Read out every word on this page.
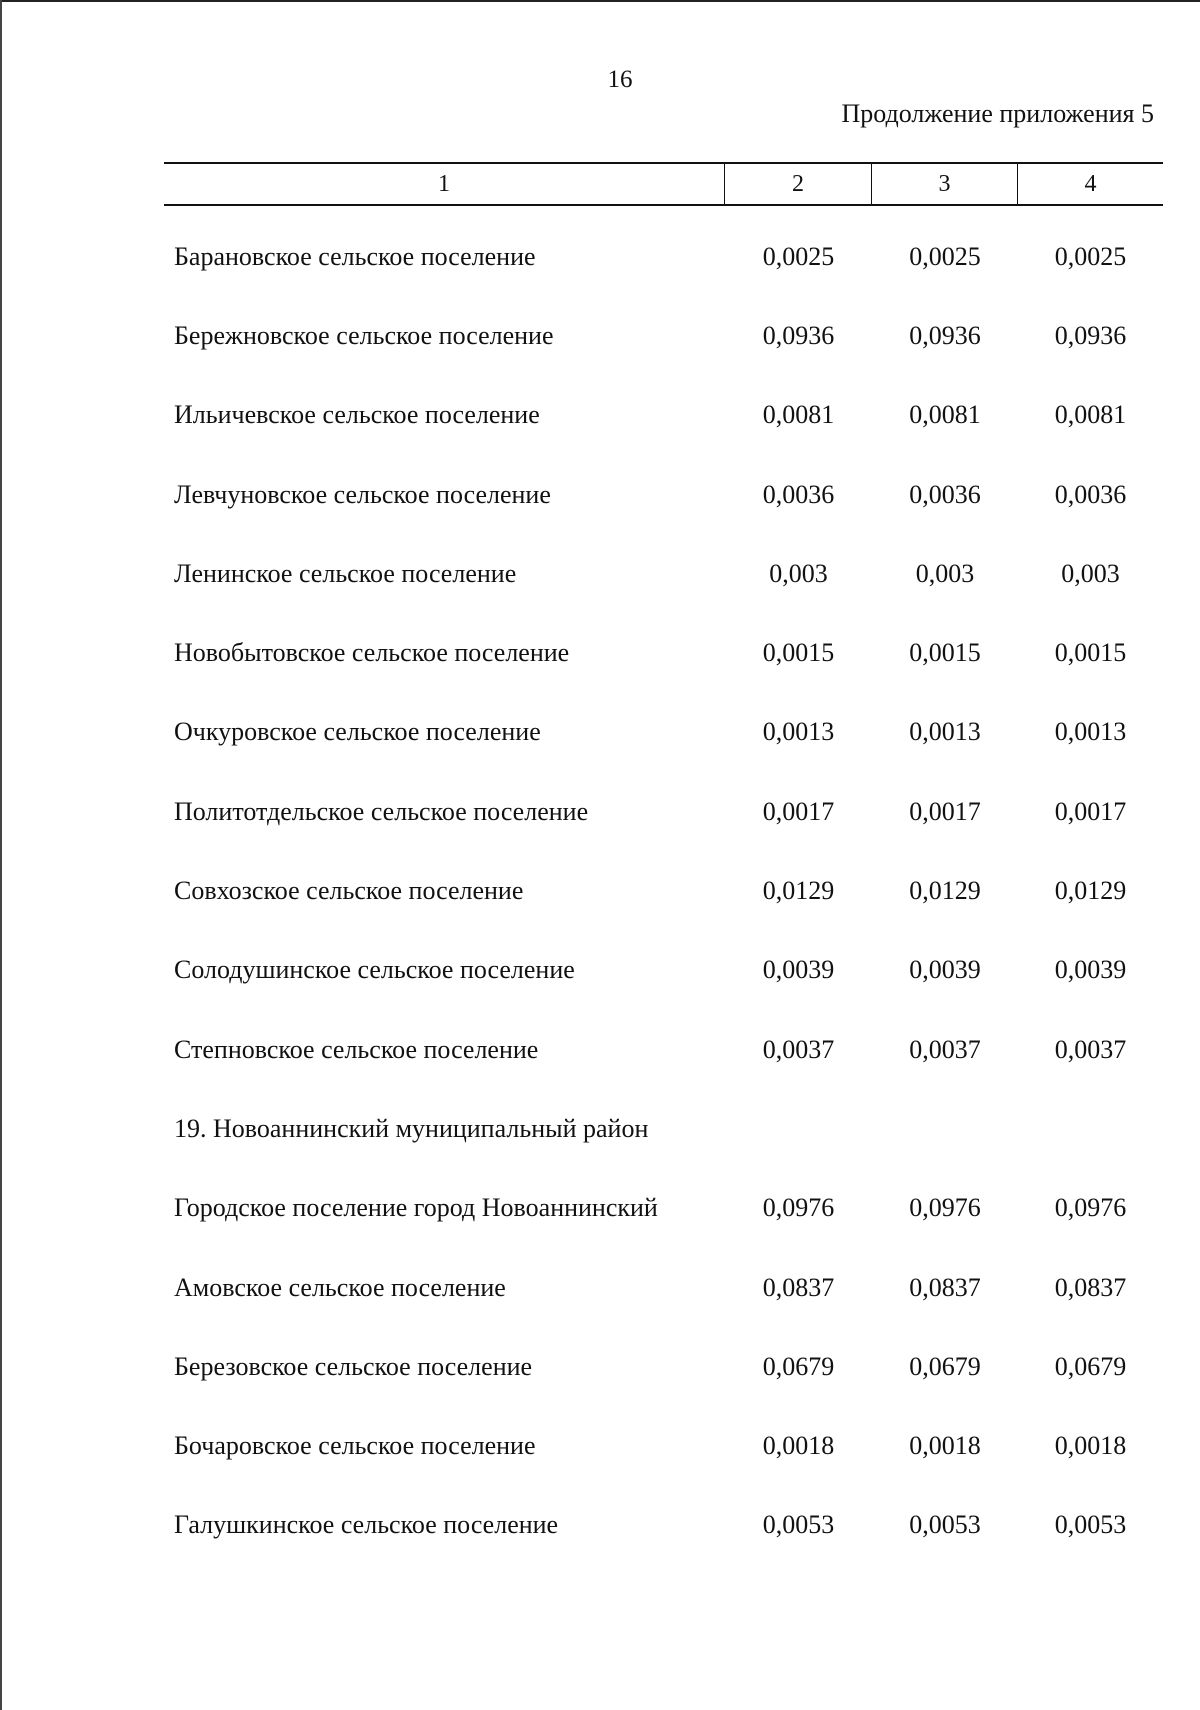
16
Продолжение приложения 5
1	2	3	4
Барановское сельское поселение	0,0025	0,0025	0,0025
Бережновское сельское поселение	0,0936	0,0936	0,0936
Ильичевское сельское поселение	0,0081	0,0081	0,0081
Левчуновское сельское поселение	0,0036	0,0036	0,0036
Ленинское сельское поселение	0,003	0,003	0,003
Новобытовское сельское поселение	0,0015	0,0015	0,0015
Очкуровское сельское поселение	0,0013	0,0013	0,0013
Политотдельское сельское поселение	0,0017	0,0017	0,0017
Совхозское сельское поселение	0,0129	0,0129	0,0129
Солодушинское сельское поселение	0,0039	0,0039	0,0039
Степновское сельское поселение	0,0037	0,0037	0,0037
19. Новоаннинский муниципальный район
Городское поселение город Новоаннинский	0,0976	0,0976	0,0976
Амовское сельское поселение	0,0837	0,0837	0,0837
Березовское сельское поселение	0,0679	0,0679	0,0679
Бочаровское сельское поселение	0,0018	0,0018	0,0018
Галушкинское сельское поселение	0,0053	0,0053	0,0053
